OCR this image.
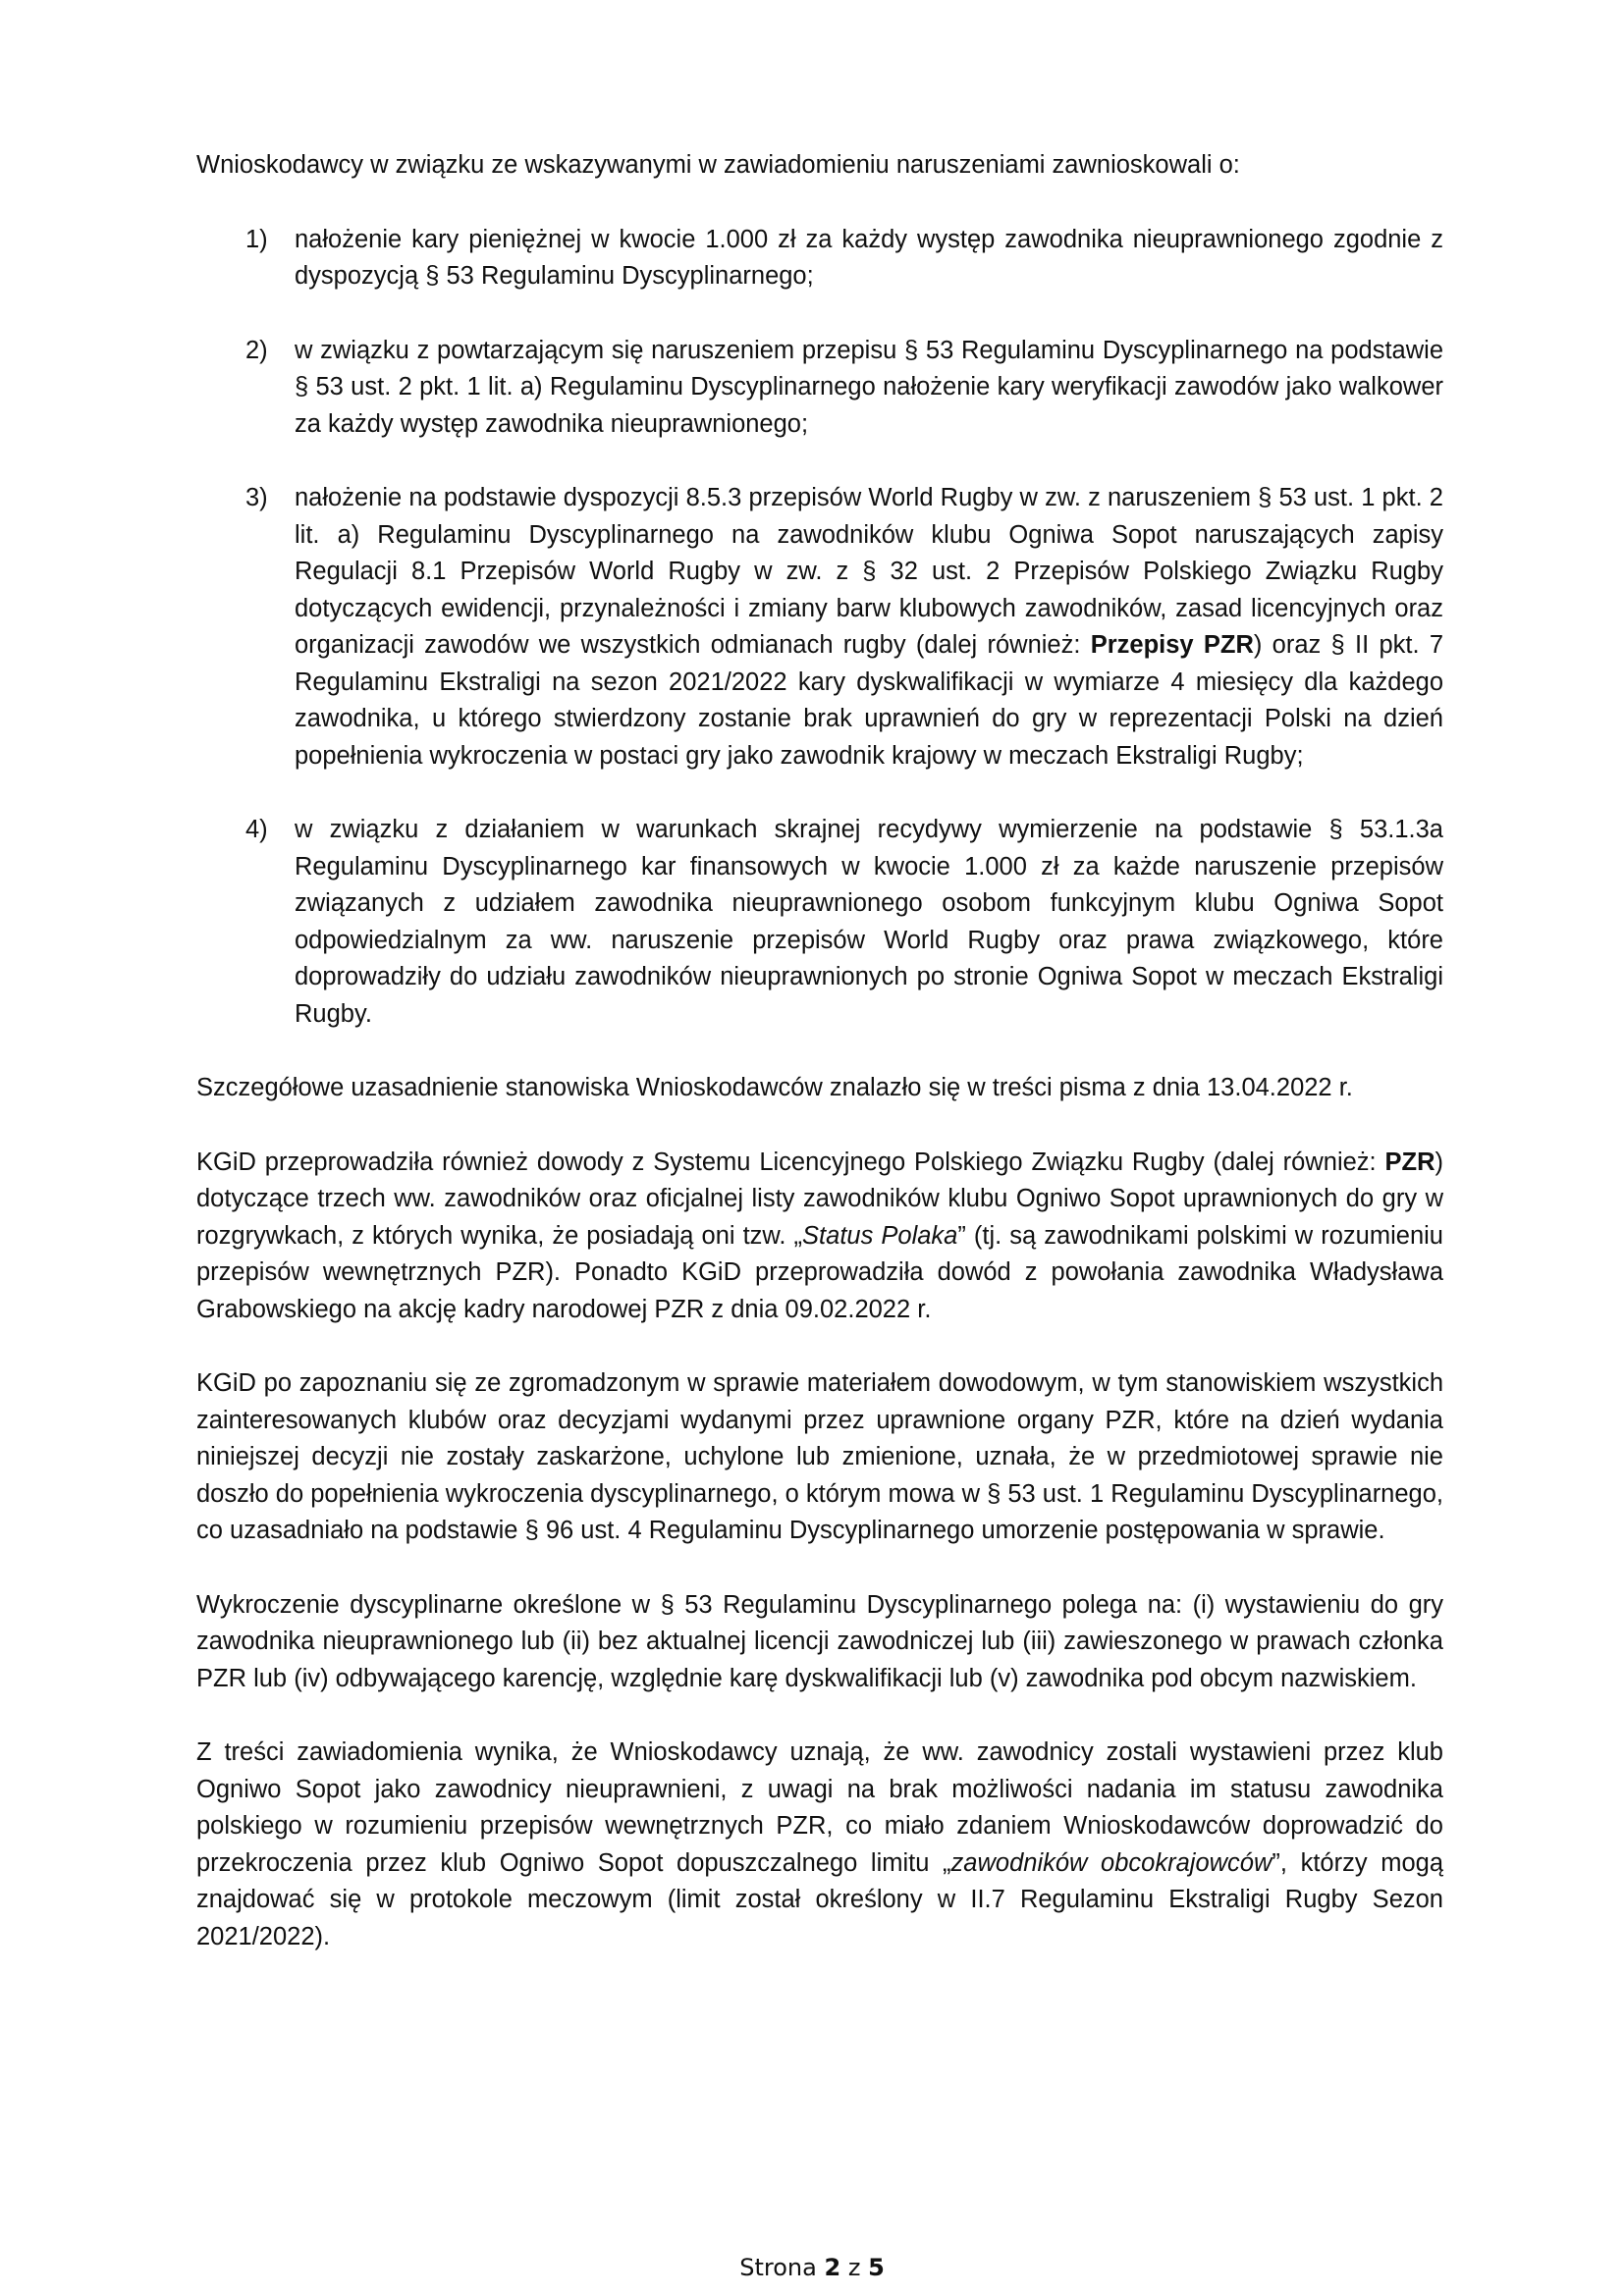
Wnioskodawcy w związku ze wskazywanymi w zawiadomieniu naruszeniami zawnioskowali o:

1) nałożenie kary pieniężnej w kwocie 1.000 zł za każdy występ zawodnika nieuprawnionego zgodnie z dyspozycją § 53 Regulaminu Dyscyplinarnego;
2) w związku z powtarzającym się naruszeniem przepisu § 53 Regulaminu Dyscyplinarnego na podstawie § 53 ust. 2 pkt. 1 lit. a) Regulaminu Dyscyplinarnego nałożenie kary weryfikacji zawodów jako walkower za każdy występ zawodnika nieuprawnionego;
3) nałożenie na podstawie dyspozycji 8.5.3 przepisów World Rugby w zw. z naruszeniem § 53 ust. 1 pkt. 2 lit. a) Regulaminu Dyscyplinarnego na zawodników klubu Ogniwa Sopot naruszających zapisy Regulacji 8.1 Przepisów World Rugby w zw. z § 32 ust. 2 Przepisów Polskiego Związku Rugby dotyczących ewidencji, przynależności i zmiany barw klubowych zawodników, zasad licencyjnych oraz organizacji zawodów we wszystkich odmianach rugby (dalej również: Przepisy PZR) oraz § II pkt. 7 Regulaminu Ekstraligi na sezon 2021/2022 kary dyskwalifikacji w wymiarze 4 miesięcy dla każdego zawodnika, u którego stwierdzony zostanie brak uprawnień do gry w reprezentacji Polski na dzień popełnienia wykroczenia w postaci gry jako zawodnik krajowy w meczach Ekstraligi Rugby;
4) w związku z działaniem w warunkach skrajnej recydywy wymierzenie na podstawie § 53.1.3a Regulaminu Dyscyplinarnego kar finansowych w kwocie 1.000 zł za każde naruszenie przepisów związanych z udziałem zawodnika nieuprawnionego osobom funkcyjnym klubu Ogniwa Sopot odpowiedzialnym za ww. naruszenie przepisów World Rugby oraz prawa związkowego, które doprowadziły do udziału zawodników nieuprawnionych po stronie Ogniwa Sopot w meczach Ekstraligi Rugby.

Szczegółowe uzasadnienie stanowiska Wnioskodawców znalazło się w treści pisma z dnia 13.04.2022 r.

KGiD przeprowadziła również dowody z Systemu Licencyjnego Polskiego Związku Rugby (dalej również: PZR) dotyczące trzech ww. zawodników oraz oficjalnej listy zawodników klubu Ogniwo Sopot uprawnionych do gry w rozgrywkach, z których wynika, że posiadają oni tzw. „Status Polaka” (tj. są zawodnikami polskimi w rozumieniu przepisów wewnętrznych PZR). Ponadto KGiD przeprowadziła dowód z powołania zawodnika Władysława Grabowskiego na akcję kadry narodowej PZR z dnia 09.02.2022 r.

KGiD po zapoznaniu się ze zgromadzonym w sprawie materiałem dowodowym, w tym stanowiskiem wszystkich zainteresowanych klubów oraz decyzjami wydanymi przez uprawnione organy PZR, które na dzień wydania niniejszej decyzji nie zostały zaskarżone, uchylone lub zmienione, uznała, że w przedmiotowej sprawie nie doszło do popełnienia wykroczenia dyscyplinarnego, o którym mowa w § 53 ust. 1 Regulaminu Dyscyplinarnego, co uzasadniało na podstawie § 96 ust. 4 Regulaminu Dyscyplinarnego umorzenie postępowania w sprawie.

Wykroczenie dyscyplinarne określone w § 53 Regulaminu Dyscyplinarnego polega na: (i) wystawieniu do gry zawodnika nieuprawnionego lub (ii) bez aktualnej licencji zawodniczej lub (iii) zawieszonego w prawach członka PZR lub (iv) odbywającego karencję, względnie karę dyskwalifikacji lub (v) zawodnika pod obcym nazwiskiem.

Z treści zawiadomienia wynika, że Wnioskodawcy uznają, że ww. zawodnicy zostali wystawieni przez klub Ogniwo Sopot jako zawodnicy nieuprawnieni, z uwagi na brak możliwości nadania im statusu zawodnika polskiego w rozumieniu przepisów wewnętrznych PZR, co miało zdaniem Wnioskodawców doprowadzić do przekroczenia przez klub Ogniwo Sopot dopuszczalnego limitu „zawodników obcokrajowców”, którzy mogą znajdować się w protokole meczowym (limit został określony w II.7 Regulaminu Ekstraligi Rugby Sezon 2021/2022).

Strona 2 z 5
